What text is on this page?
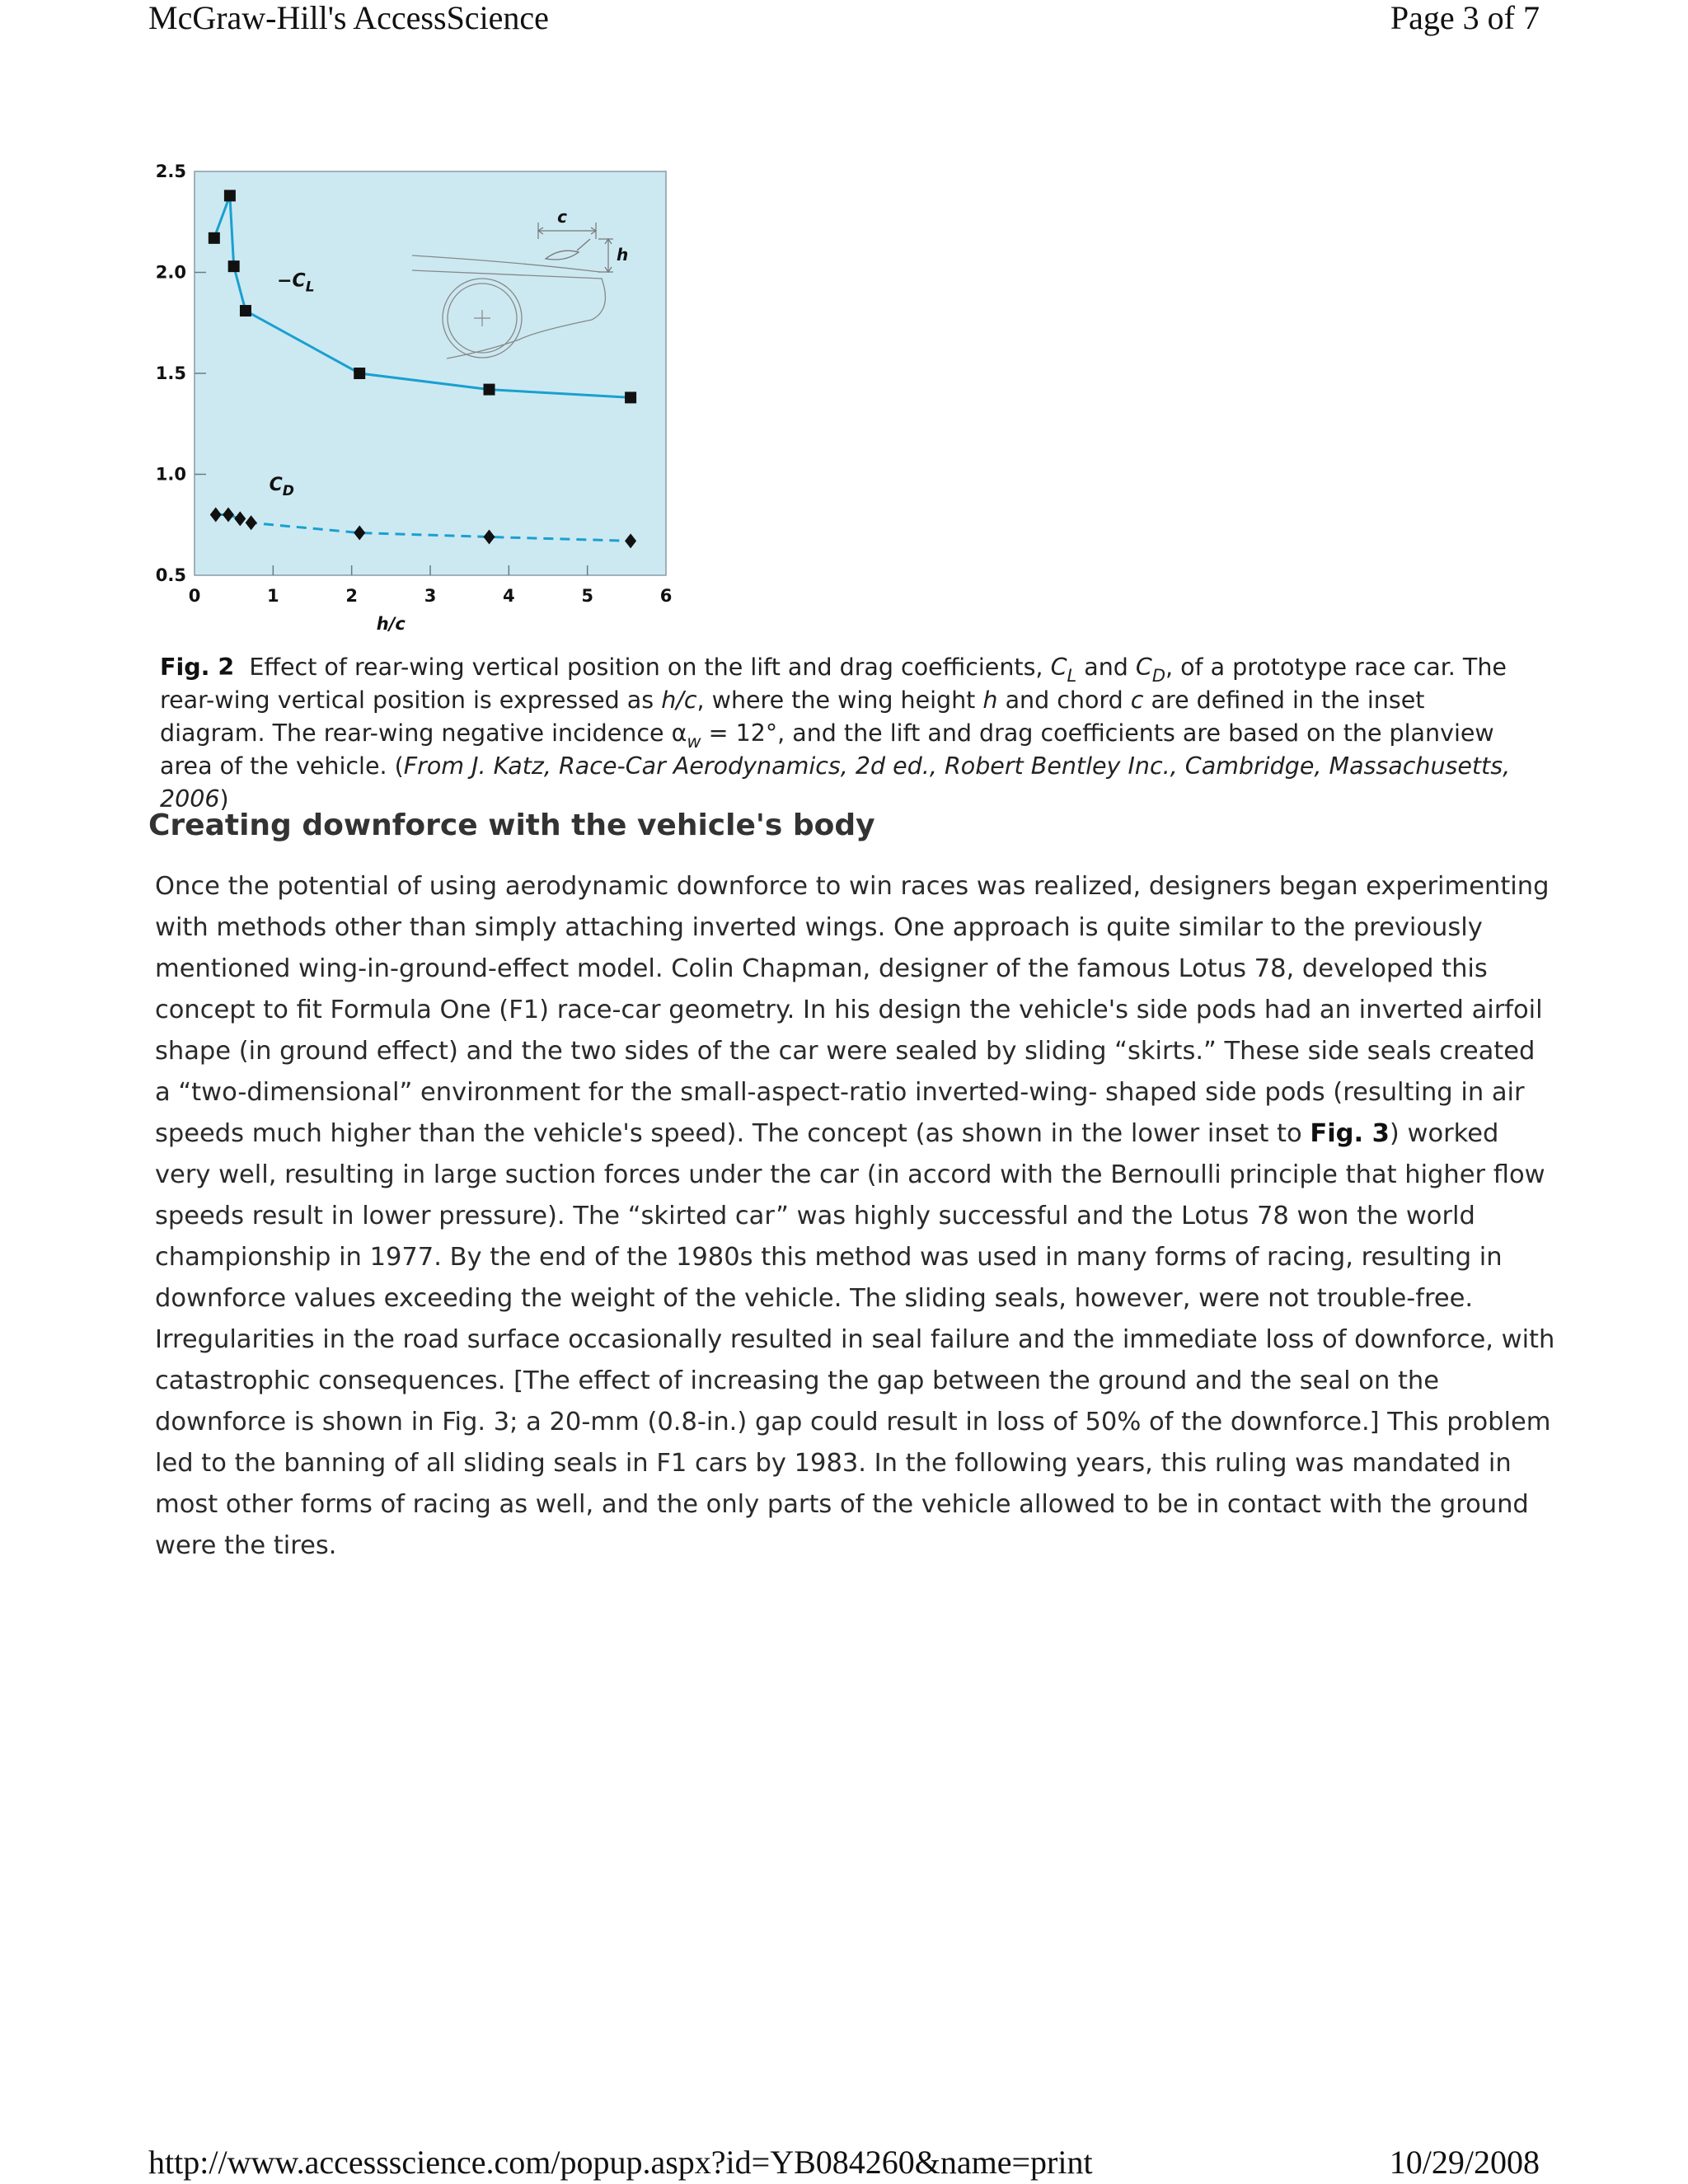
McGraw-Hill's AccessScience	Page 3 of 7
c
h
0	1	2	3	4	5	6
2.5
2.0
1.5
1.0
0.5
h/c
$-C_L$
$C_D$
Fig. 2 Effect of rear-wing vertical position on the lift and drag coefficients, $C_L$ and $C_D$, of a prototype race car. The rear-wing vertical position is expressed as h/c, where the wing height h and chord c are defined in the inset diagram. The rear-wing negative incidence $\alpha_w = 12^\circ$, and the lift and drag coefficients are based on the planview area of the vehicle. (From J. Katz, Race-Car Aerodynamics, 2d ed., Robert Bentley Inc., Cambridge, Massachusetts, 2006)
Creating downforce with the vehicle's body
Once the potential of using aerodynamic downforce to win races was realized, designers began experimenting with methods other than simply attaching inverted wings. One approach is quite similar to the previously mentioned wing-in-ground-effect model. Colin Chapman, designer of the famous Lotus 78, developed this concept to fit Formula One (F1) race-car geometry. In his design the vehicle's side pods had an inverted airfoil shape (in ground effect) and the two sides of the car were sealed by sliding “skirts.” These side seals created a “two-dimensional” environment for the small-aspect-ratio inverted-wing- shaped side pods (resulting in air speeds much higher than the vehicle's speed). The concept (as shown in the lower inset to Fig. 3) worked very well, resulting in large suction forces under the car (in accord with the Bernoulli principle that higher flow speeds result in lower pressure). The “skirted car” was highly successful and the Lotus 78 won the world championship in 1977. By the end of the 1980s this method was used in many forms of racing, resulting in downforce values exceeding the weight of the vehicle. The sliding seals, however, were not trouble-free. Irregularities in the road surface occasionally resulted in seal failure and the immediate loss of downforce, with catastrophic consequences. [The effect of increasing the gap between the ground and the seal on the downforce is shown in Fig. 3; a 20-mm (0.8-in.) gap could result in loss of 50% of the downforce.] This problem led to the banning of all sliding seals in F1 cars by 1983. In the following years, this ruling was mandated in most other forms of racing as well, and the only parts of the vehicle allowed to be in contact with the ground were the tires.
http://www.accessscience.com/popup.aspx?id=YB084260&name=print	10/29/2008
